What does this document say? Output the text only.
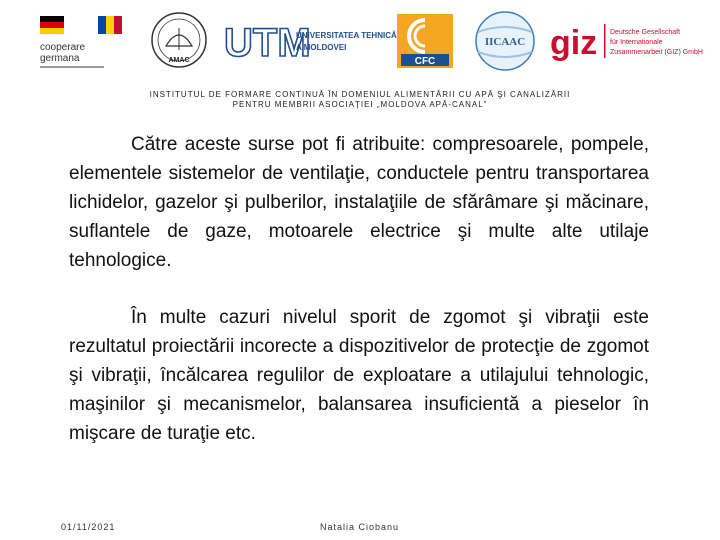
cooperare
germana	AMAC UTM
UNIVERSITATEA TEHNICĂ
A MOLDOVEI
CFC
IICAAC giz Deutsche Gesellschaft
für Internationale
Zusammenarbeit (GIZ) GmbH
INSTITUTUL DE FORMARE CONTINUĂ ÎN DOMENIUL ALIMENTĂRII CU APĂ ŞI CANALIZĂRII
PENTRU MEMBRII ASOCIAŢIEI „MOLDOVA APĂ-CANAL”
Către aceste surse pot fi atribuite: compresoarele, pompele, elementele sistemelor de ventilaţie, conductele pentru transportarea lichidelor, gazelor şi pulberilor, instalaţiile de sfărâmare şi măcinare, suflantele de gaze, motoarele electrice şi multe alte utilaje tehnologice.
În multe cazuri nivelul sporit de zgomot şi vibraţii este rezultatul proiectării incorecte a dispozitivelor de protecţie de zgomot şi vibraţii, încălcarea regulilor de exploatare a utilajului tehnologic, maşinilor şi mecanismelor, balansarea insuficientă a pieselor în mişcare de turaţie etc.
01/11/2021	Natalia Ciobanu
